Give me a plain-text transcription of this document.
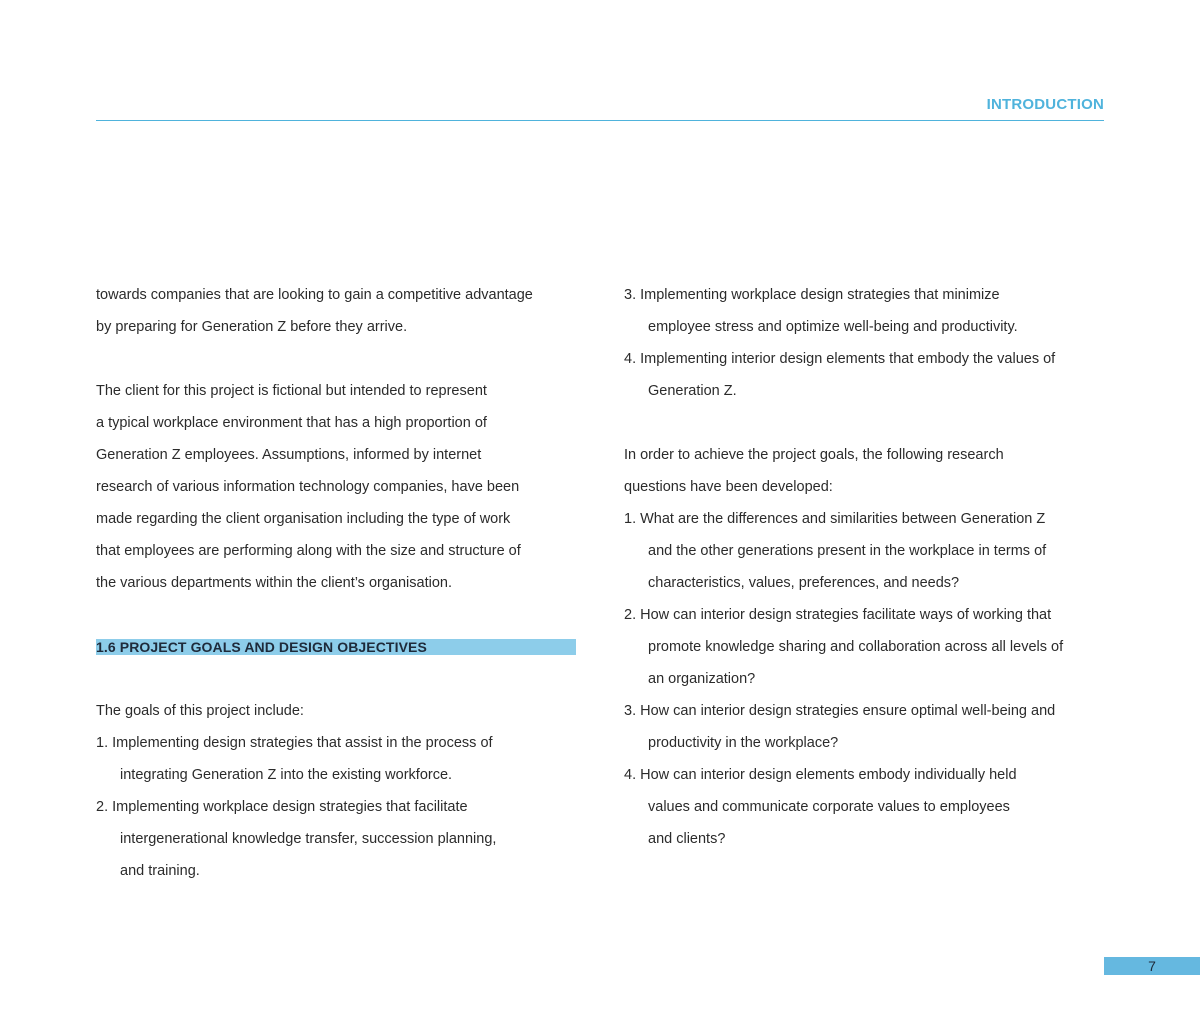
INTRODUCTION

towards companies that are looking to gain a competitive advantage

by preparing for Generation Z before they arrive.

The client for this project is fictional but intended to represent

a typical workplace environment that has a high proportion of

Generation Z employees. Assumptions, informed by internet

research of various information technology companies, have been

made regarding the client organisation including the type of work

that employees are performing along with the size and structure of

the various departments within the client’s organisation.

1.6 PROJECT GOALS AND DESIGN OBJECTIVES

The goals of this project include:

1. Implementing design strategies that assist in the process of

integrating Generation Z into the existing workforce.

2. Implementing workplace design strategies that facilitate

intergenerational knowledge transfer, succession planning,

and training.

3. Implementing workplace design strategies that minimize

employee stress and optimize well-being and productivity.

4. Implementing interior design elements that embody the values of

Generation Z.

In order to achieve the project goals, the following research

questions have been developed:

1. What are the differences and similarities between Generation Z

and the other generations present in the workplace in terms of

characteristics, values, preferences, and needs?

2. How can interior design strategies facilitate ways of working that

promote knowledge sharing and collaboration across all levels of

an organization?

3. How can interior design strategies ensure optimal well-being and

productivity in the workplace?

4. How can interior design elements embody individually held

values and communicate corporate values to employees

and clients?

7
